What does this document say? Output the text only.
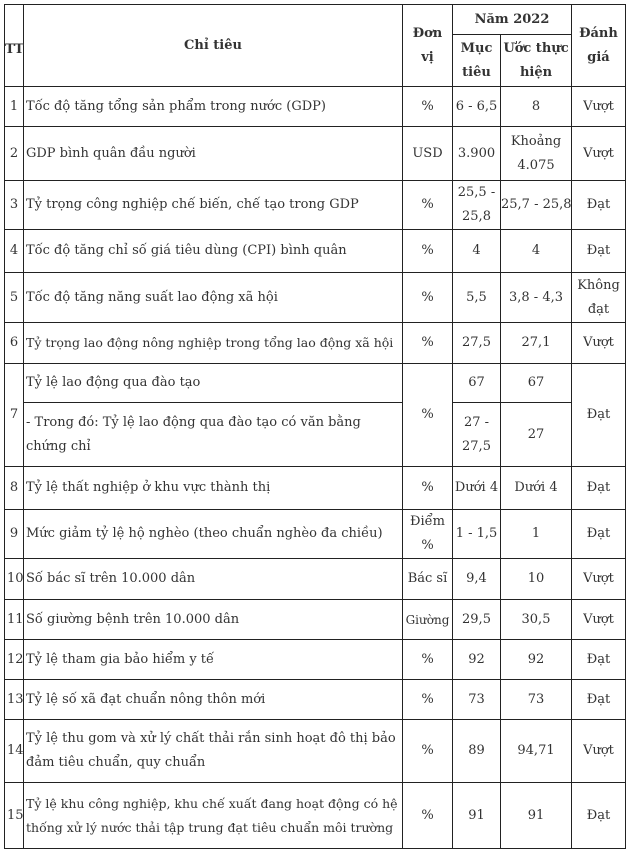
TT	Chỉ tiêu	Đơn vị	Năm 2022		Đánh giá
			Mục tiêu	Ước thực hiện	
1	Tốc độ tăng tổng sản phẩm trong nước (GDP)	%	6 - 6,5	8	Vượt
2	GDP bình quân đầu người	USD	3.900	Khoảng 4.075	Vượt
3	Tỷ trọng công nghiệp chế biến, chế tạo trong GDP	%	25,5 - 25,8	25,7 - 25,8	Đạt
4	Tốc độ tăng chỉ số giá tiêu dùng (CPI) bình quân	%	4	4	Đạt
5	Tốc độ tăng năng suất lao động xã hội	%	5,5	3,8 - 4,3	Không đạt
6	Tỷ trọng lao động nông nghiệp trong tổng lao động xã hội	%	27,5	27,1	Vượt
7	Tỷ lệ lao động qua đào tạo	%	67	67	Đạt
	- Trong đó: Tỷ lệ lao động qua đào tạo có văn bằng chứng chỉ		27 - 27,5	27	
8	Tỷ lệ thất nghiệp ở khu vực thành thị	%	Dưới 4	Dưới 4	Đạt
9	Mức giảm tỷ lệ hộ nghèo (theo chuẩn nghèo đa chiều)	Điểm %	1 - 1,5	1	Đạt
10	Số bác sĩ trên 10.000 dân	Bác sĩ	9,4	10	Vượt
11	Số giường bệnh trên 10.000 dân	Giường	29,5	30,5	Vượt
12	Tỷ lệ tham gia bảo hiểm y tế	%	92	92	Đạt
13	Tỷ lệ số xã đạt chuẩn nông thôn mới	%	73	73	Đạt
14	Tỷ lệ thu gom và xử lý chất thải rắn sinh hoạt đô thị bảo đảm tiêu chuẩn, quy chuẩn	%	89	94,71	Vượt
15	Tỷ lệ khu công nghiệp, khu chế xuất đang hoạt động có hệ thống xử lý nước thải tập trung đạt tiêu chuẩn môi trường	%	91	91	Đạt
